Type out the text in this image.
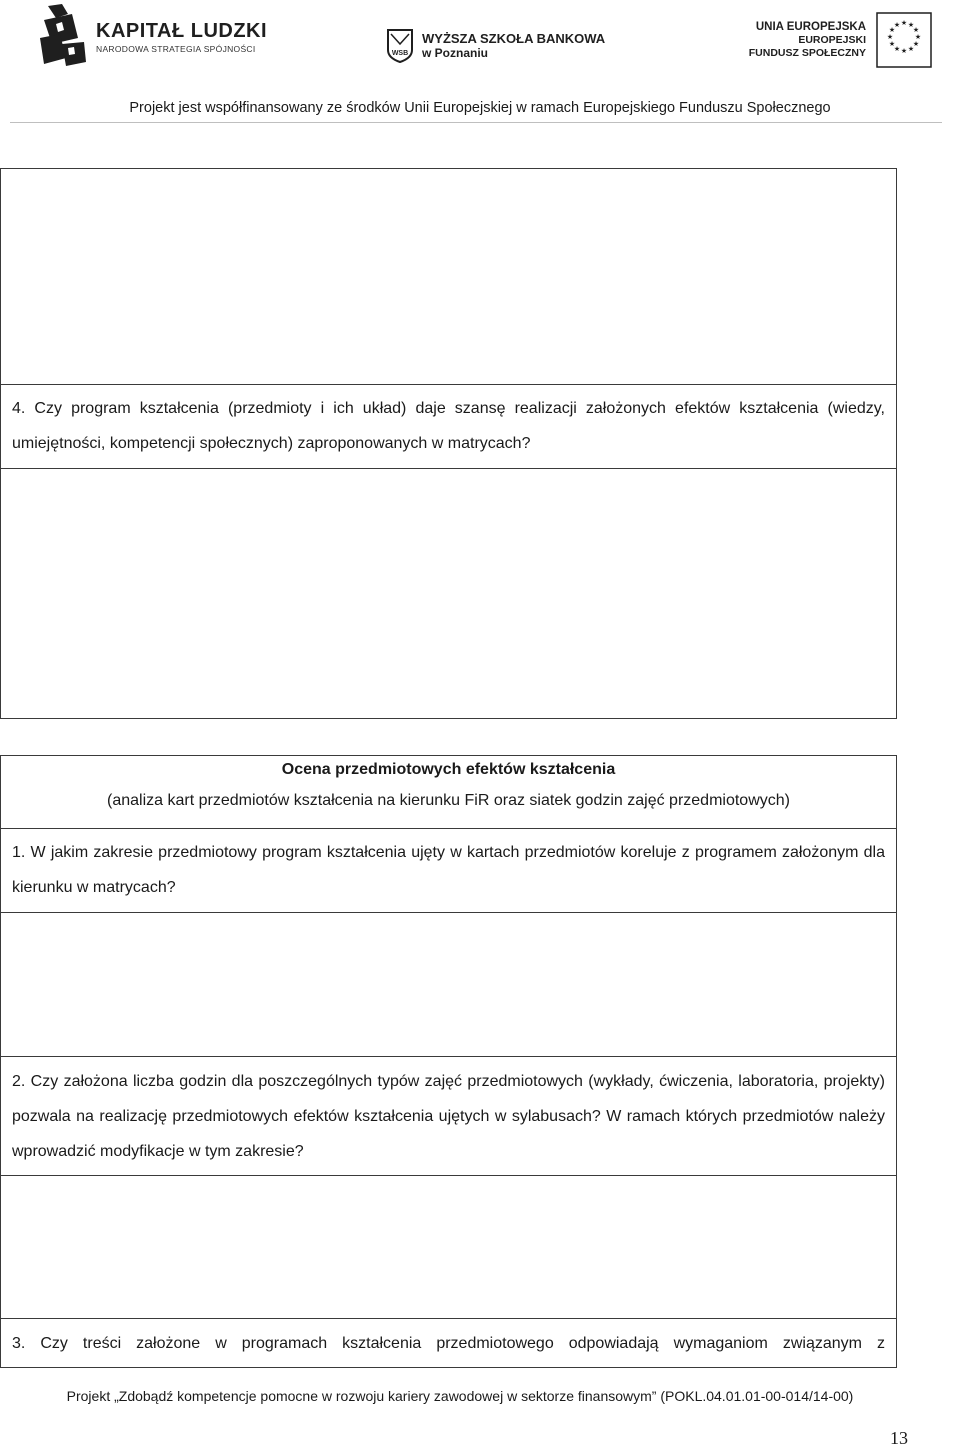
KAPITAŁ LUDZKI
NARODOWA STRATEGIA SPÓJNOŚCI	WSB
WYŻSZA SZKOŁA BANKOWA
w Poznaniu
UNIA EUROPEJSKA
EUROPEJSKI
FUNDUSZ SPOŁECZNY
★ ★
★
★
★
★
★
★
★
★
★
★
Projekt jest współfinansowany ze środków Unii Europejskiej w ramach Europejskiego Funduszu Społecznego
4. Czy program kształcenia (przedmioty i ich układ) daje szansę realizacji założonych efektów kształcenia (wiedzy, umiejętności, kompetencji społecznych) zaproponowanych w matrycach?
Ocena przedmiotowych efektów kształcenia
(analiza kart przedmiotów kształcenia na kierunku FiR oraz siatek godzin zajęć przedmiotowych)
1. W jakim zakresie przedmiotowy program kształcenia ujęty w kartach przedmiotów koreluje z programem założonym dla kierunku w matrycach?
2. Czy założona liczba godzin dla poszczególnych typów zajęć przedmiotowych (wykłady, ćwiczenia, laboratoria, projekty) pozwala na realizację przedmiotowych efektów kształcenia ujętych w sylabusach? W ramach których przedmiotów należy wprowadzić modyfikacje w tym zakresie?
3. Czy treści założone w programach kształcenia przedmiotowego odpowiadają wymaganiom związanym z
Projekt „Zdobądź kompetencje pomocne w rozwoju kariery zawodowej w sektorze finansowym” (POKL.04.01.01-00-014/14-00)
13
